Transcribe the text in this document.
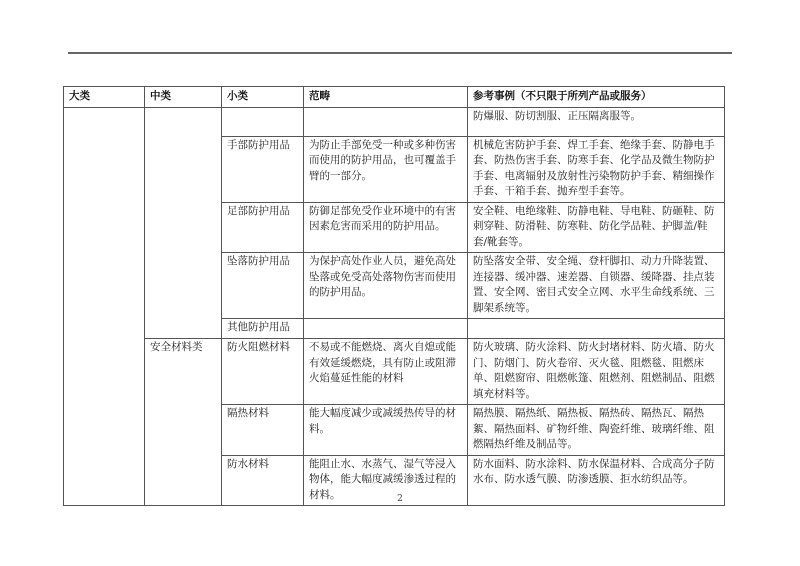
大类	中类	小类	范畴	参考事例（不只限于所列产品或服务）
				防爆服、防切割服、正压隔离服等。
		手部防护用品	为防止手部免受一种或多种伤害而使用的防护用品，也可覆盖手臂的一部分。	机械危害防护手套、焊工手套、绝缘手套、防静电手套、防热伤害手套、防寒手套、化学品及微生物防护手套、电离辐射及放射性污染物防护手套、精细操作手套、干箱手套、抛弃型手套等。
		足部防护用品	防御足部免受作业环境中的有害因素危害而采用的防护用品。	安全鞋、电绝缘鞋、防静电鞋、导电鞋、防砸鞋、防刺穿鞋、防滑鞋、防寒鞋、防化学品鞋、护脚盖/鞋套/靴套等。
		坠落防护用品	为保护高处作业人员，避免高处坠落或免受高处落物伤害而使用的防护用品。	防坠落安全带、安全绳、登杆脚扣、动力升降装置、连接器、缓冲器、速差器、自锁器、缓降器、挂点装置、安全网、密目式安全立网、水平生命线系统、三脚架系统等。
		其他防护用品		
	安全材料类	防火阻燃材料	不易或不能燃烧、离火自熄或能有效延缓燃烧，具有防止或阻滞火焰蔓延性能的材料	防火玻璃、防火涂料、防火封堵材料、防火墙、防火门、防烟门、防火卷帘、灭火毯、阻燃毯、阻燃床单、阻燃窗帘、阻燃帐篷、阻燃剂、阻燃制品、阻燃填充材料等。
		隔热材料	能大幅度减少或减缓热传导的材料。	隔热膜、隔热纸、隔热板、隔热砖、隔热瓦、隔热絮、隔热面料、矿物纤维、陶瓷纤维、玻璃纤维、阻燃隔热纤维及制品等。
		防水材料	能阻止水、水蒸气、湿气等浸入物体，能大幅度减缓渗透过程的材料。	防水面料、防水涂料、防水保温材料、合成高分子防水布、防水透气膜、防渗透膜、拒水纺织品等。
2
